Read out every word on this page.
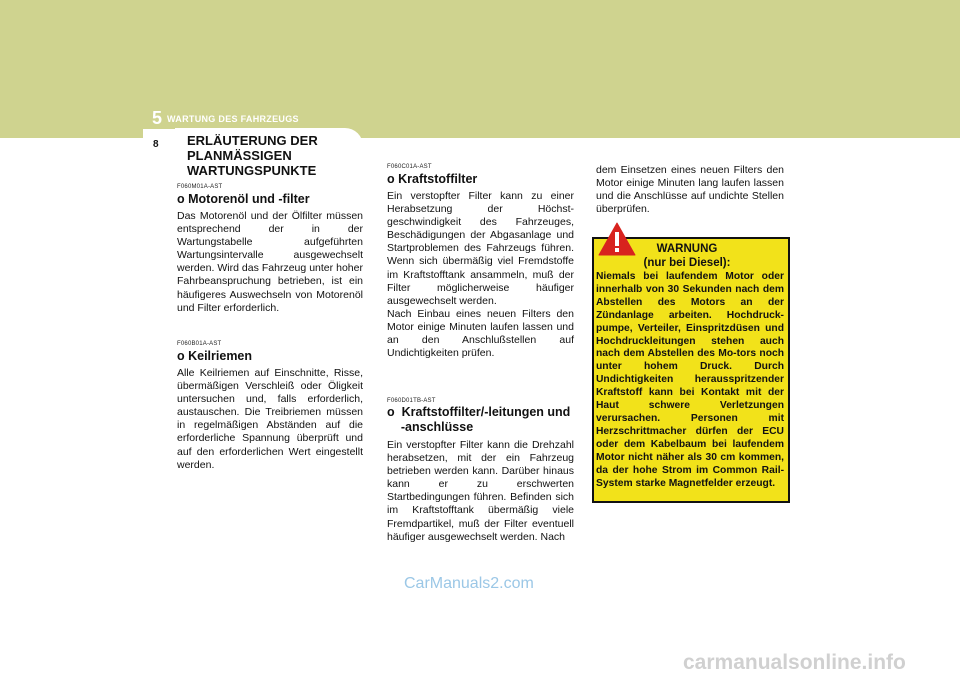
5 WARTUNG DES FAHRZEUGS
8 ERLÄUTERUNG DER
PLANMÄSSIGEN
WARTUNGSPUNKTE
F060M01A-AST
o Motorenöl und -filter
Das Motorenöl und der Ölfilter müssen entsprechend der in der Wartungstabelle aufgeführten Wartungsintervalle ausgewechselt werden. Wird das Fahrzeug unter hoher Fahrbeanspruchung betrieben, ist ein häufigeres Auswechseln von Motorenöl und Filter erforderlich.
F060B01A-AST
o Keilriemen
Alle Keilriemen auf Einschnitte, Risse, übermäßigen Verschleiß oder Öligkeit untersuchen und, falls erforderlich, austauschen. Die Treibriemen müssen in regelmäßigen Abständen auf die erforderliche Spannung überprüft und auf den erforderlichen Wert eingestellt werden.
F060C01A-AST
o Kraftstoffilter
Ein verstopfter Filter kann zu einer Herabsetzung der Höchst-geschwindigkeit des Fahrzeuges, Beschädigungen der Abgasanlage und Startproblemen des Fahrzeugs führen. Wenn sich übermäßig viel Fremdstoffe im Kraftstofftank ansammeln, muß der Filter möglicherweise häufiger ausgewechselt werden.
Nach Einbau eines neuen Filters den Motor einige Minuten laufen lassen und an den Anschlußstellen auf Undichtigkeiten prüfen.
F060D01TB-AST
o  Kraftstoffilter/-leitungen und
-anschlüsse
Ein verstopfter Filter kann die Drehzahl herabsetzen, mit der ein Fahrzeug betrieben werden kann. Darüber hinaus kann er zu erschwerten Startbedingungen führen. Befinden sich im Kraftstofftank übermäßig viele Fremdpartikel, muß der Filter eventuell häufiger ausgewechselt werden. Nach
dem Einsetzen eines neuen Filters den Motor einige Minuten lang laufen lassen und die Anschlüsse auf undichte Stellen überprüfen.
WARNUNG
(nur bei Diesel):
Niemals bei laufendem Motor oder innerhalb von 30 Sekunden nach dem Abstellen des Motors an der Zündanlage arbeiten. Hochdruck-pumpe, Verteiler, Einspritzdüsen und Hochdruckleitungen stehen auch nach dem Abstellen des Mo-tors noch unter hohem Druck. Durch Undichtigkeiten herausspritzender Kraftstoff kann bei Kontakt mit der Haut schwere Verletzungen verursachen. Personen mit Herzschrittmacher dürfen der ECU oder dem Kabelbaum bei laufendem Motor nicht näher als 30 cm kommen, da der hohe Strom im Common Rail-System starke Magnetfelder erzeugt.
CarManuals2.com
carmanualsonline.info
